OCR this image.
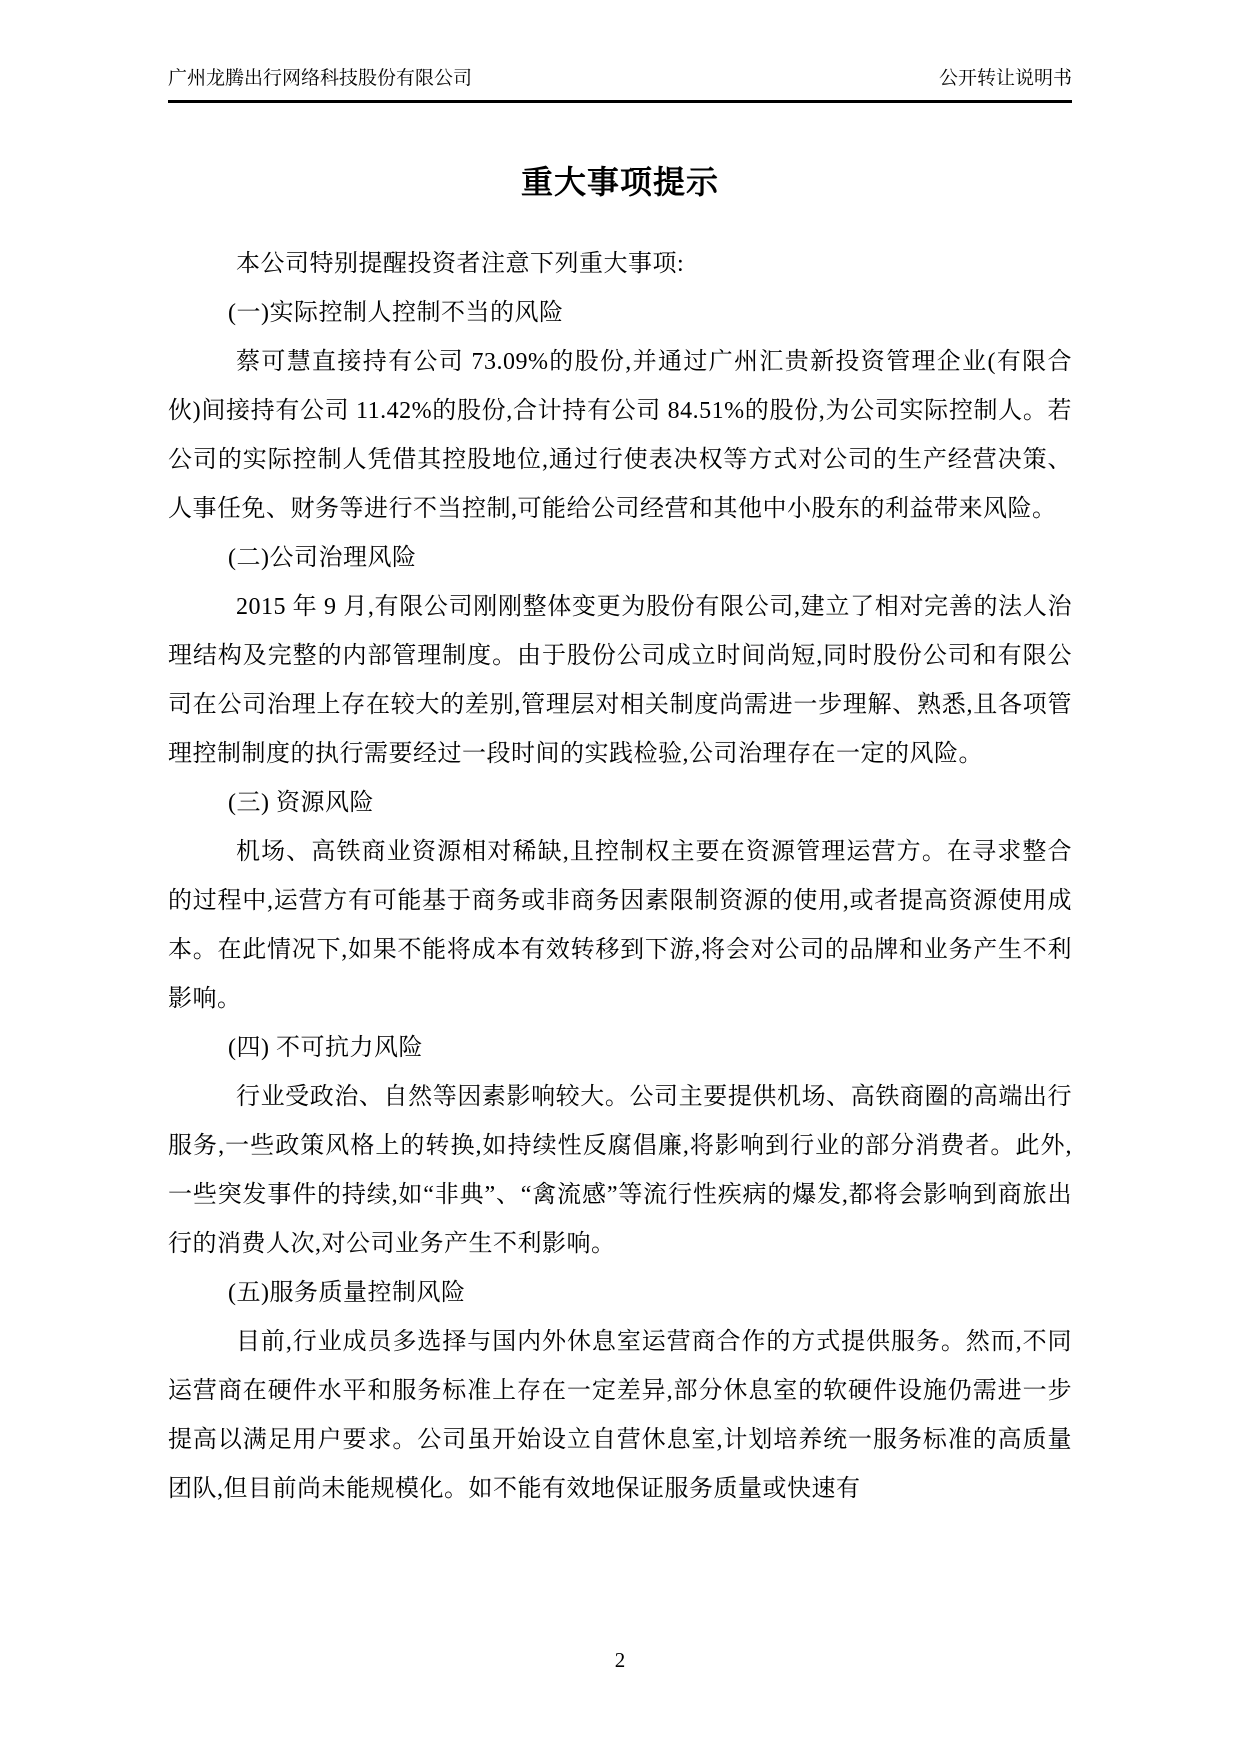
广州龙腾出行网络科技股份有限公司	公开转让说明书
重大事项提示

本公司特别提醒投资者注意下列重大事项:

(一)实际控制人控制不当的风险

蔡可慧直接持有公司 73.09%的股份,并通过广州汇贵新投资管理企业(有限合伙)间接持有公司 11.42%的股份,合计持有公司 84.51%的股份,为公司实际控制人。若公司的实际控制人凭借其控股地位,通过行使表决权等方式对公司的生产经营决策、人事任免、财务等进行不当控制,可能给公司经营和其他中小股东的利益带来风险。

(二)公司治理风险

2015 年 9 月,有限公司刚刚整体变更为股份有限公司,建立了相对完善的法人治理结构及完整的内部管理制度。由于股份公司成立时间尚短,同时股份公司和有限公司在公司治理上存在较大的差别,管理层对相关制度尚需进一步理解、熟悉,且各项管理控制制度的执行需要经过一段时间的实践检验,公司治理存在一定的风险。

(三) 资源风险

机场、高铁商业资源相对稀缺,且控制权主要在资源管理运营方。在寻求整合的过程中,运营方有可能基于商务或非商务因素限制资源的使用,或者提高资源使用成本。在此情况下,如果不能将成本有效转移到下游,将会对公司的品牌和业务产生不利影响。

(四) 不可抗力风险

行业受政治、自然等因素影响较大。公司主要提供机场、高铁商圈的高端出行服务,一些政策风格上的转换,如持续性反腐倡廉,将影响到行业的部分消费者。此外,一些突发事件的持续,如“非典”、“禽流感”等流行性疾病的爆发,都将会影响到商旅出行的消费人次,对公司业务产生不利影响。

(五)服务质量控制风险

目前,行业成员多选择与国内外休息室运营商合作的方式提供服务。然而,不同运营商在硬件水平和服务标准上存在一定差异,部分休息室的软硬件设施仍需进一步提高以满足用户要求。公司虽开始设立自营休息室,计划培养统一服务标准的高质量团队,但目前尚未能规模化。如不能有效地保证服务质量或快速有

2
